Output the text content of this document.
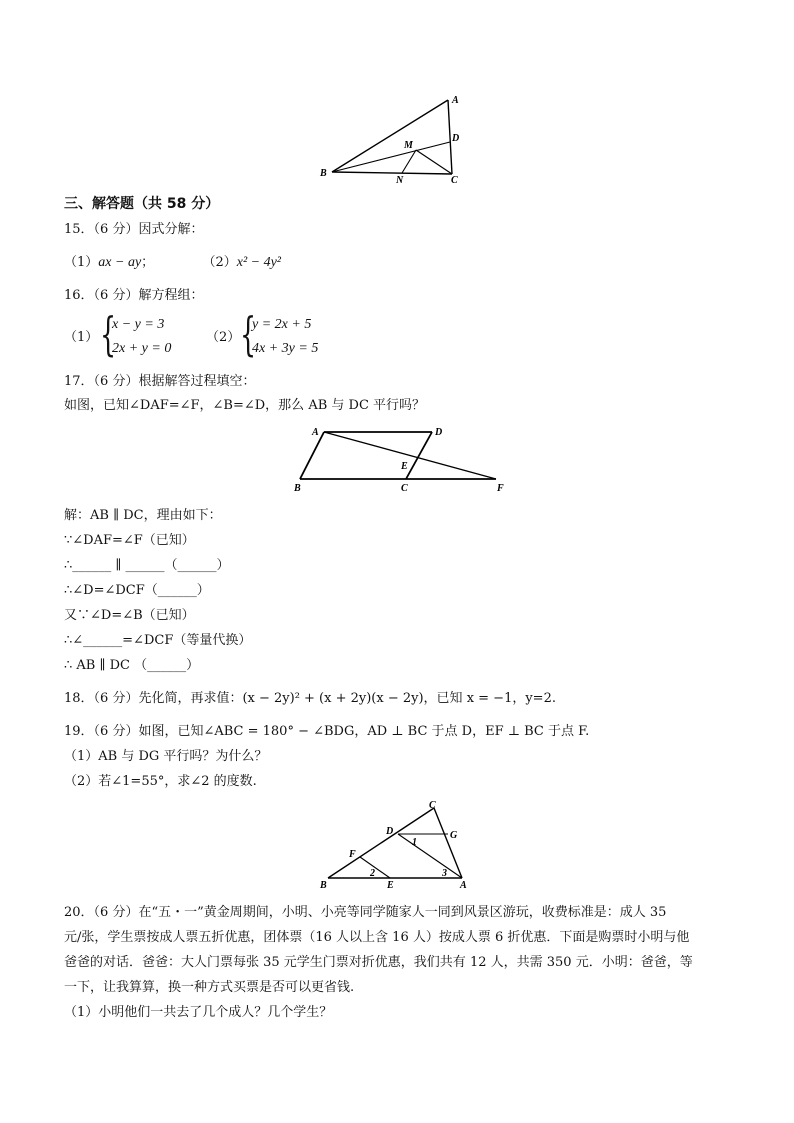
A
B
C
D
M
N
三、解答题（共 58 分）
15．（6 分）因式分解：
（1）ax − ay；	（2）x² − 4y²
16．（6 分）解方程组：
（1） {
x − y = 3
2x + y = 0
（2） {
y = 2x + 5
4x + 3y = 5
17．（6 分）根据解答过程填空：
如图，已知∠DAF=∠F，∠B=∠D，那么 AB 与 DC 平行吗？
A	D
E
B	C	F
解：AB ∥ DC，理由如下：
∵∠DAF=∠F（已知）
∴______ ∥ ______（______）
∴∠D=∠DCF（______）
又∵∠D=∠B（已知）
∴∠______=∠DCF（等量代换）
∴ AB ∥ DC （______）
18．（6 分）先化简，再求值：(x − 2y)² + (x + 2y)(x − 2y)，已知 x = −1，y=2.
19．（6 分）如图，已知∠ABC = 180° − ∠BDG，AD ⊥ BC 于点 D，EF ⊥ BC 于点 F.
（1）AB 与 DG 平行吗？为什么？
（2）若∠1=55°，求∠2 的度数.
C
D	G
F
B	E	A
1
2	3
20．（6 分）在“五・一”黄金周期间，小明、小亮等同学随家人一同到风景区游玩，收费标准是：成人 35
元/张，学生票按成人票五折优惠，团体票（16 人以上含 16 人）按成人票 6 折优惠．下面是购票时小明与他
爸爸的对话．爸爸：大人门票每张 35 元学生门票对折优惠，我们共有 12 人，共需 350 元．小明：爸爸，等
一下，让我算算，换一种方式买票是否可以更省钱.
（1）小明他们一共去了几个成人？几个学生？
